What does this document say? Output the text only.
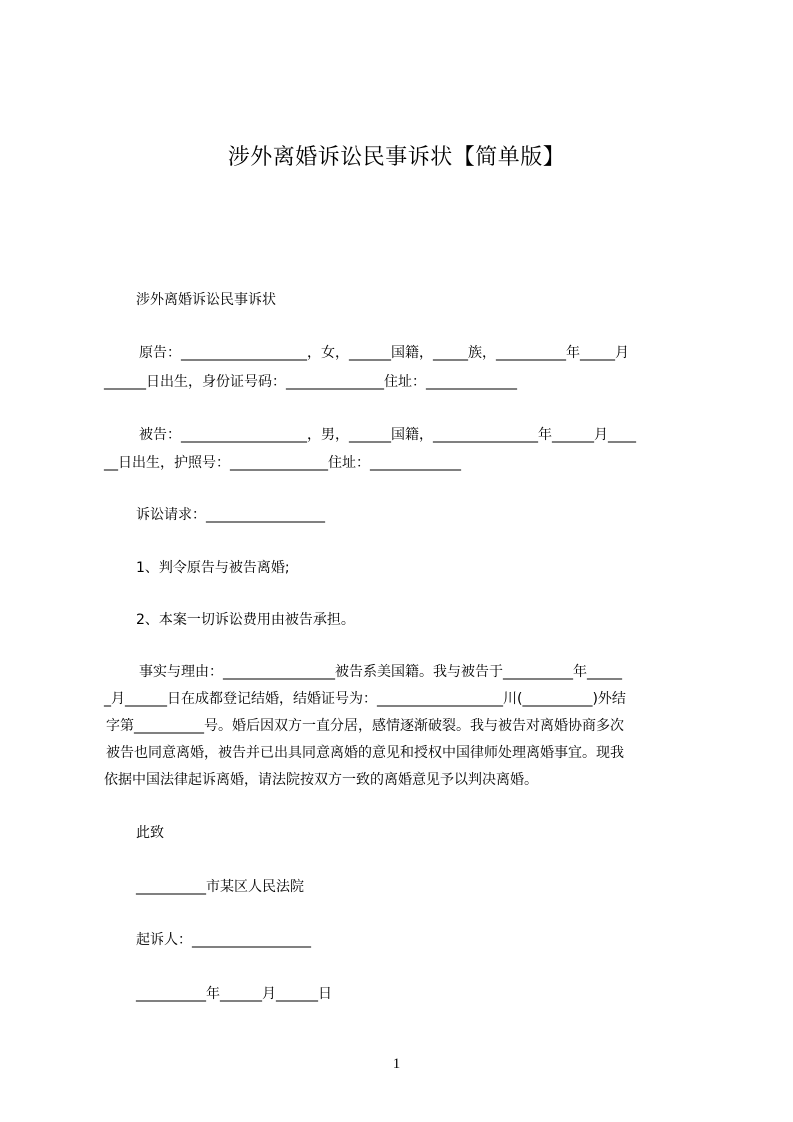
涉外离婚诉讼民事诉状【简单版】
涉外离婚诉讼民事诉状
原告：__________________，女，______国籍，_____族，__________年_____月
______日出生，身份证号码：______________住址：_____________
被告：__________________，男，______国籍，_______________年______月____
__日出生，护照号：______________住址：_____________
诉讼请求：_________________
1、判令原告与被告离婚;
2、本案一切诉讼费用由被告承担。
事实与理由：________________被告系美国籍。我与被告于__________年_____
_月______日在成都登记结婚，结婚证号为：__________________川(__________)外结
字第__________号。婚后因双方一直分居，感情逐渐破裂。我与被告对离婚协商多次
被告也同意离婚，被告并已出具同意离婚的意见和授权中国律师处理离婚事宜。现我
依据中国法律起诉离婚，请法院按双方一致的离婚意见予以判决离婚。
此致
__________市某区人民法院
起诉人：_________________
__________年______月______日
1
